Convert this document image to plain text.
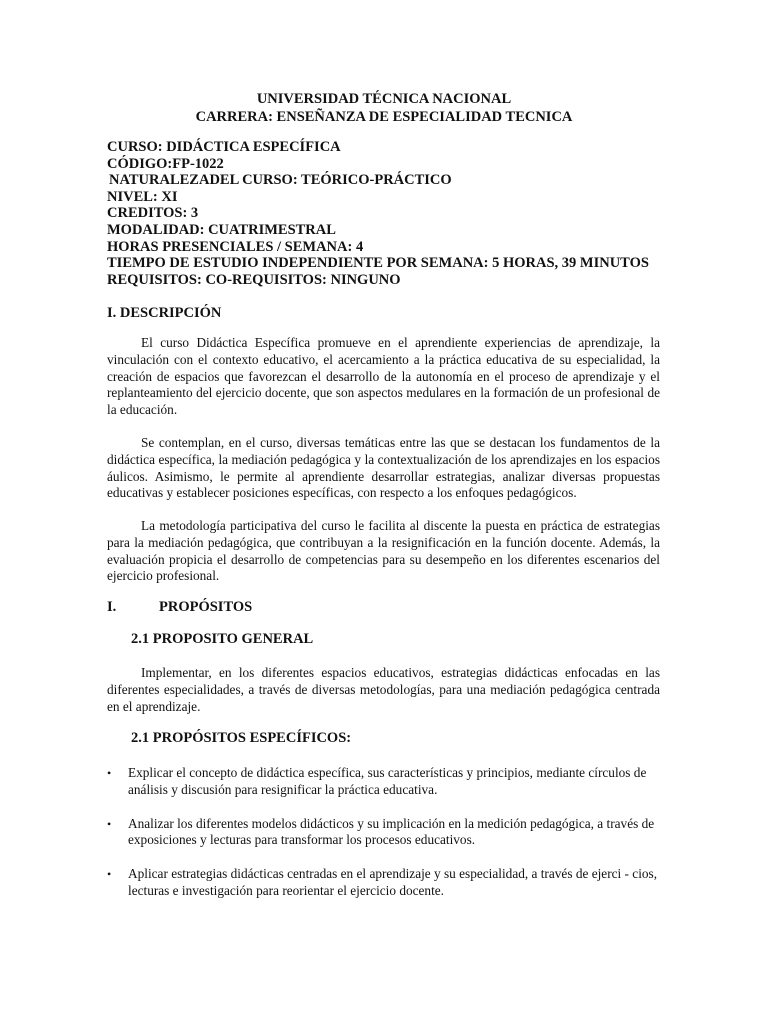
UNIVERSIDAD TÉCNICA NACIONAL
CARRERA: ENSEÑANZA DE ESPECIALIDAD TECNICA
CURSO: DIDÁCTICA ESPECÍFICA
CÓDIGO:FP-1022
NATURALEZADEL CURSO: TEÓRICO-PRÁCTICO
NIVEL: XI
CREDITOS: 3
MODALIDAD: CUATRIMESTRAL
HORAS PRESENCIALES / SEMANA: 4
TIEMPO DE ESTUDIO INDEPENDIENTE POR SEMANA: 5 HORAS, 39 MINUTOS
REQUISITOS: CO-REQUISITOS: NINGUNO
I. DESCRIPCIÓN
El curso Didáctica Específica promueve en el aprendiente experiencias de aprendizaje, la vinculación con el contexto educativo, el acercamiento a la práctica educativa de su especialidad, la creación de espacios que favorezcan el desarrollo de la autonomía en el proceso de aprendizaje y el replanteamiento del ejercicio docente, que son aspectos medulares en la formación de un profesional de la educación.
Se contemplan, en el curso, diversas temáticas entre las que se destacan los fundamentos de la didáctica específica, la mediación pedagógica y la contextualización de los aprendizajes en los espacios áulicos. Asimismo, le permite al aprendiente desarrollar estrategias, analizar diversas propuestas educativas y establecer posiciones específicas, con respecto a los enfoques pedagógicos.
La metodología participativa del curso le facilita al discente la puesta en práctica de estrategias para la mediación pedagógica, que contribuyan a la resignificación en la función docente. Además, la evaluación propicia el desarrollo de competencias para su desempeño en los diferentes escenarios del ejercicio profesional.
I.	PROPÓSITOS
2.1 PROPOSITO GENERAL
Implementar, en los diferentes espacios educativos, estrategias didácticas enfocadas en las diferentes especialidades, a través de diversas metodologías, para una mediación pedagógica centrada en el aprendizaje.
2.1 PROPÓSITOS ESPECÍFICOS:
• Explicar el concepto de didáctica específica, sus características y principios, mediante círculos de análisis y discusión para resignificar la práctica educativa.
• Analizar los diferentes modelos didácticos y su implicación en la medición pedagógica, a través de exposiciones y lecturas para transformar los procesos educativos.
• Aplicar estrategias didácticas centradas en el aprendizaje y su especialidad, a través de ejerci - cios, lecturas e investigación para reorientar el ejercicio docente.
